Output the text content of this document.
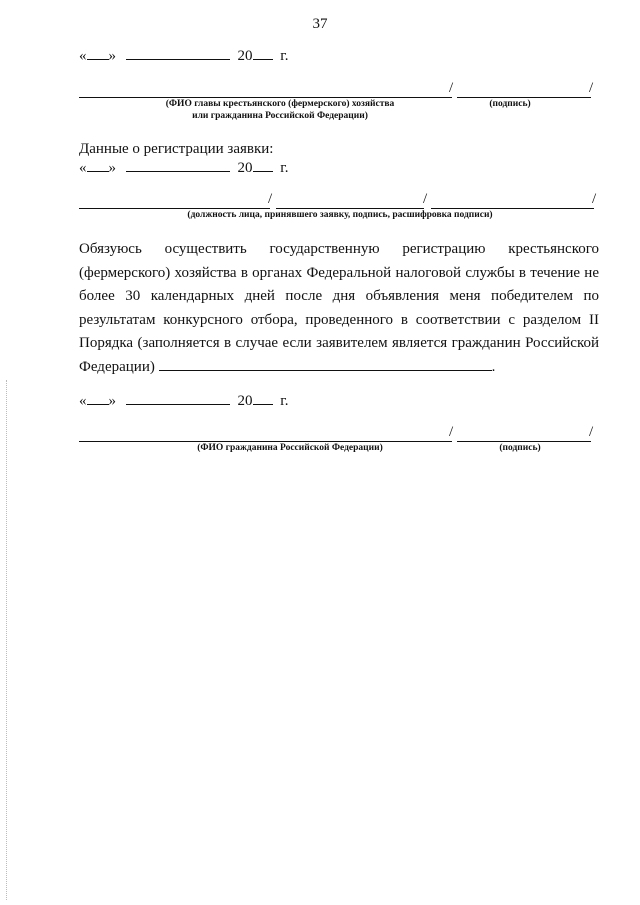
37
« »	20 г.
/	/
(ФИО главы крестьянского (фермерского) хозяйства
или гражданина Российской Федерации)
(подпись)
Данные о регистрации заявки:
« »	20 г.
/	/	/
(должность лица, принявшего заявку, подпись, расшифровка подписи)
Обязуюсь осуществить государственную регистрацию крестьянского (фермерского) хозяйства в органах Федеральной налоговой службы в течение не более 30 календарных дней после дня объявления меня победителем по результатам конкурсного отбора, проведенного в соответствии с разделом II Порядка (заполняется в случае если заявителем является гражданин Российской Федерации)	.
« »	20 г.
/	/
(ФИО гражданина Российской Федерации)	(подпись)
